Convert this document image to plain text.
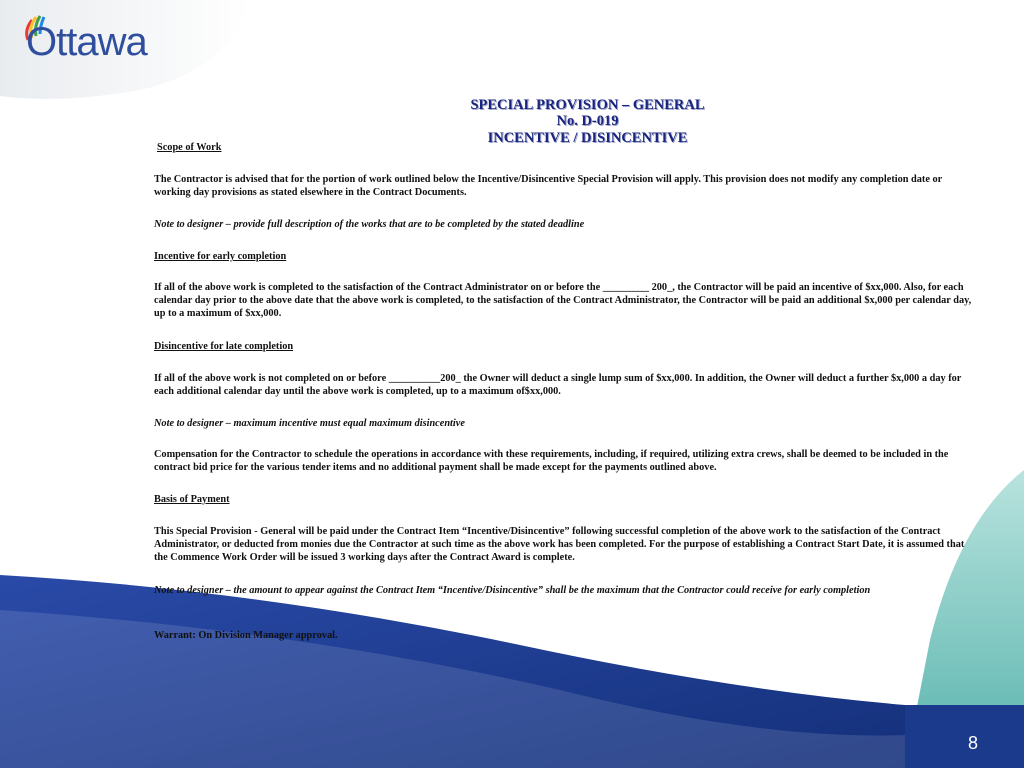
Ottawa
SPECIAL PROVISION – GENERAL
No. D-019
INCENTIVE / DISINCENTIVE
Scope of Work
The Contractor is advised that for the portion of work outlined below the Incentive/Disincentive Special Provision will apply. This provision does not modify any completion date or working day provisions as stated elsewhere in the Contract Documents.
Note to designer – provide full description of the works that are to be completed by the stated deadline
Incentive for early completion
If all of the above work is completed to the satisfaction of the Contract Administrator on or before the _________ 200_, the Contractor will be paid an incentive of $xx,000. Also, for each calendar day prior to the above date that the above work is completed, to the satisfaction of the Contract Administrator, the Contractor will be paid an additional $x,000 per calendar day, up to a maximum of $xx,000.
Disincentive for late completion
If all of the above work is not completed on or before __________200_ the Owner will deduct a single lump sum of $xx,000. In addition, the Owner will deduct a further $x,000 a day for each additional calendar day until the above work is completed, up to a maximum of$xx,000.
Note to designer – maximum incentive must equal maximum disincentive
Compensation for the Contractor to schedule the operations in accordance with these requirements, including, if required, utilizing extra crews, shall be deemed to be included in the contract bid price for the various tender items and no additional payment shall be made except for the payments outlined above.
Basis of Payment
This Special Provision - General will be paid under the Contract Item “Incentive/Disincentive” following successful completion of the above work to the satisfaction of the Contract Administrator, or deducted from monies due the Contractor at such time as the above work has been completed. For the purpose of establishing a Contract Start Date, it is assumed that the Commence Work Order will be issued 3 working days after the Contract Award is complete.
Note to designer – the amount to appear against the Contract Item “Incentive/Disincentive” shall be the maximum that the Contractor could receive for early completion
Warrant: On Division Manager approval.
8
